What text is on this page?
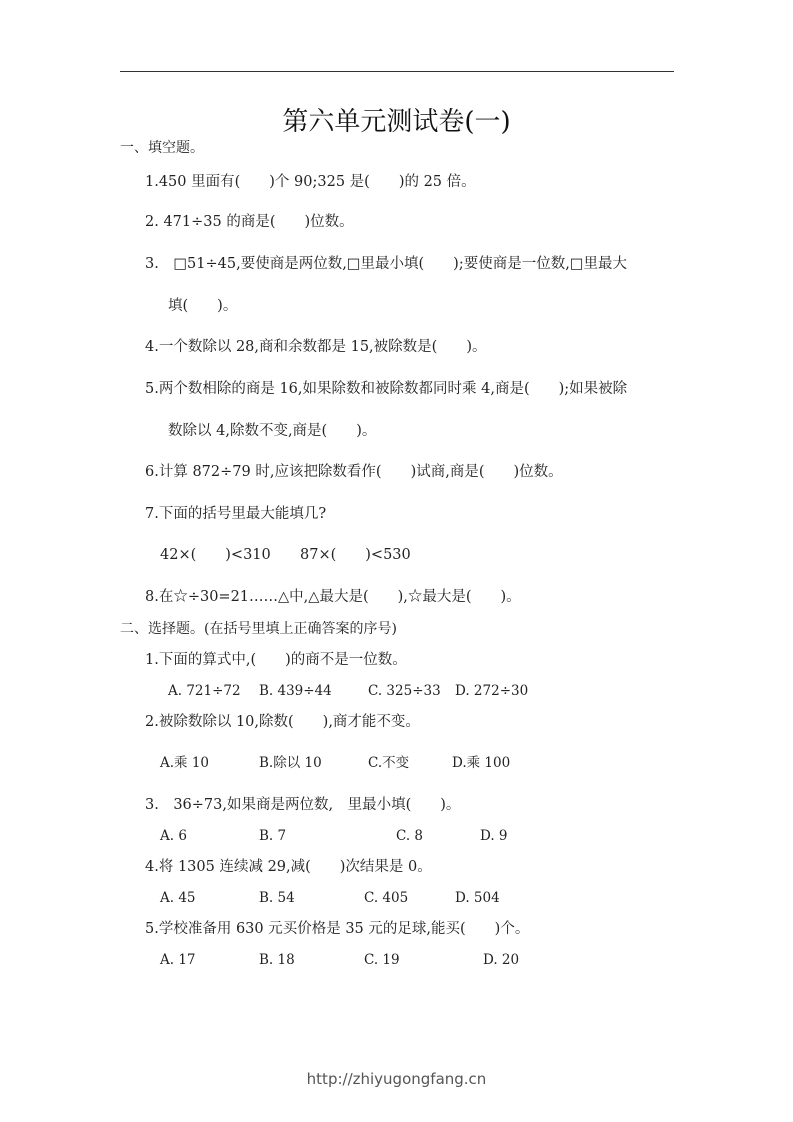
第六单元测试卷(一)
一、填空题。
1.450 里面有(　　)个 90;325 是(　　)的 25 倍。
2. 471÷35 的商是(　　)位数。
3.　□51÷45,要使商是两位数,□里最小填(　　);要使商是一位数,□里最大
填(　　)。
4.一个数除以 28,商和余数都是 15,被除数是(　　)。
5.两个数相除的商是 16,如果除数和被除数都同时乘 4,商是(　　);如果被除
数除以 4,除数不变,商是(　　)。
6.计算 872÷79 时,应该把除数看作(　　)试商,商是(　　)位数。
7.下面的括号里最大能填几?
42×(　　)<310 87×(　　)<530
8.在☆÷30=21……△中,△最大是(　　),☆最大是(　　)。
二、选择题。(在括号里填上正确答案的序号)
1.下面的算式中,(　　)的商不是一位数。
A. 721÷72 B. 439÷44	C. 325÷33 D. 272÷30
2.被除数除以 10,除数(　　),商才能不变。
A.乘 10	B.除以 10	C.不变	D.乘 100
3.　36÷73,如果商是两位数,　里最小填(　　)。
A. 6	B. 7	C. 8	D. 9
4.将 1305 连续减 29,减(　　)次结果是 0。
A. 45	B. 54	C. 405	D. 504
5.学校准备用 630 元买价格是 35 元的足球,能买(　　)个。
A. 17	B. 18	C. 19	D. 20
http://zhiyugongfang.cn
